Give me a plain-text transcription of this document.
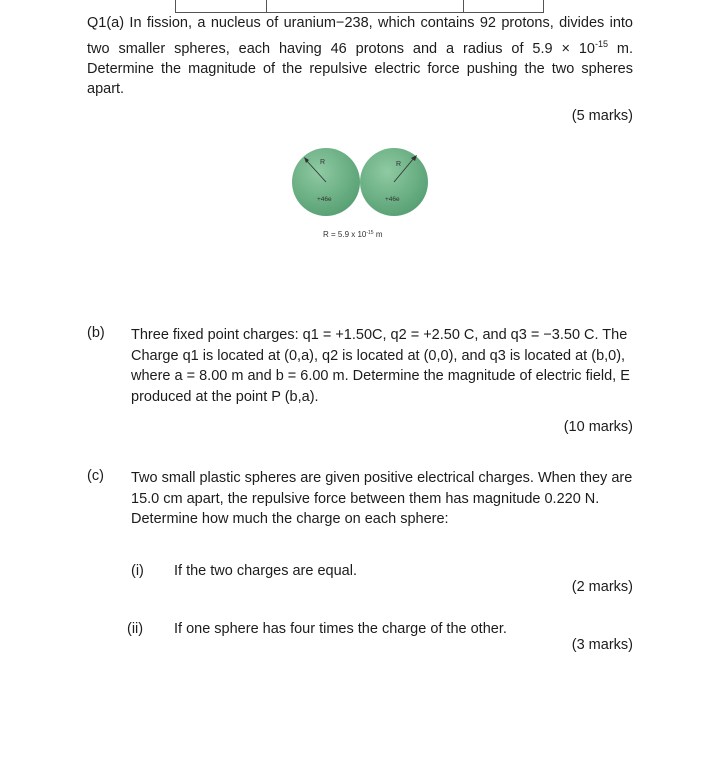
Q1(a) In fission, a nucleus of uranium−238, which contains 92 protons, divides into two smaller spheres, each having 46 protons and a radius of $5.9 \times 10^{-15}$ m. Determine the magnitude of the repulsive electric force pushing the two spheres apart.
(5 marks)
R	R
+46e	+46e
R = 5.9 x $10^{-15}$ m
(b) Three fixed point charges: q1 = +1.50C, q2 = +2.50 C, and q3 = −3.50 C. The Charge q1 is located at (0,a), q2 is located at (0,0), and q3 is located at (b,0), where a = 8.00 m and b = 6.00 m. Determine the magnitude of electric field, E produced at the point P (b,a).
(10 marks)
(c) Two small plastic spheres are given positive electrical charges. When they are 15.0 cm apart, the repulsive force between them has magnitude 0.220 N. Determine how much the charge on each sphere:
(i) If the two charges are equal.
(2 marks)
(ii) If one sphere has four times the charge of the other.
(3 marks)
